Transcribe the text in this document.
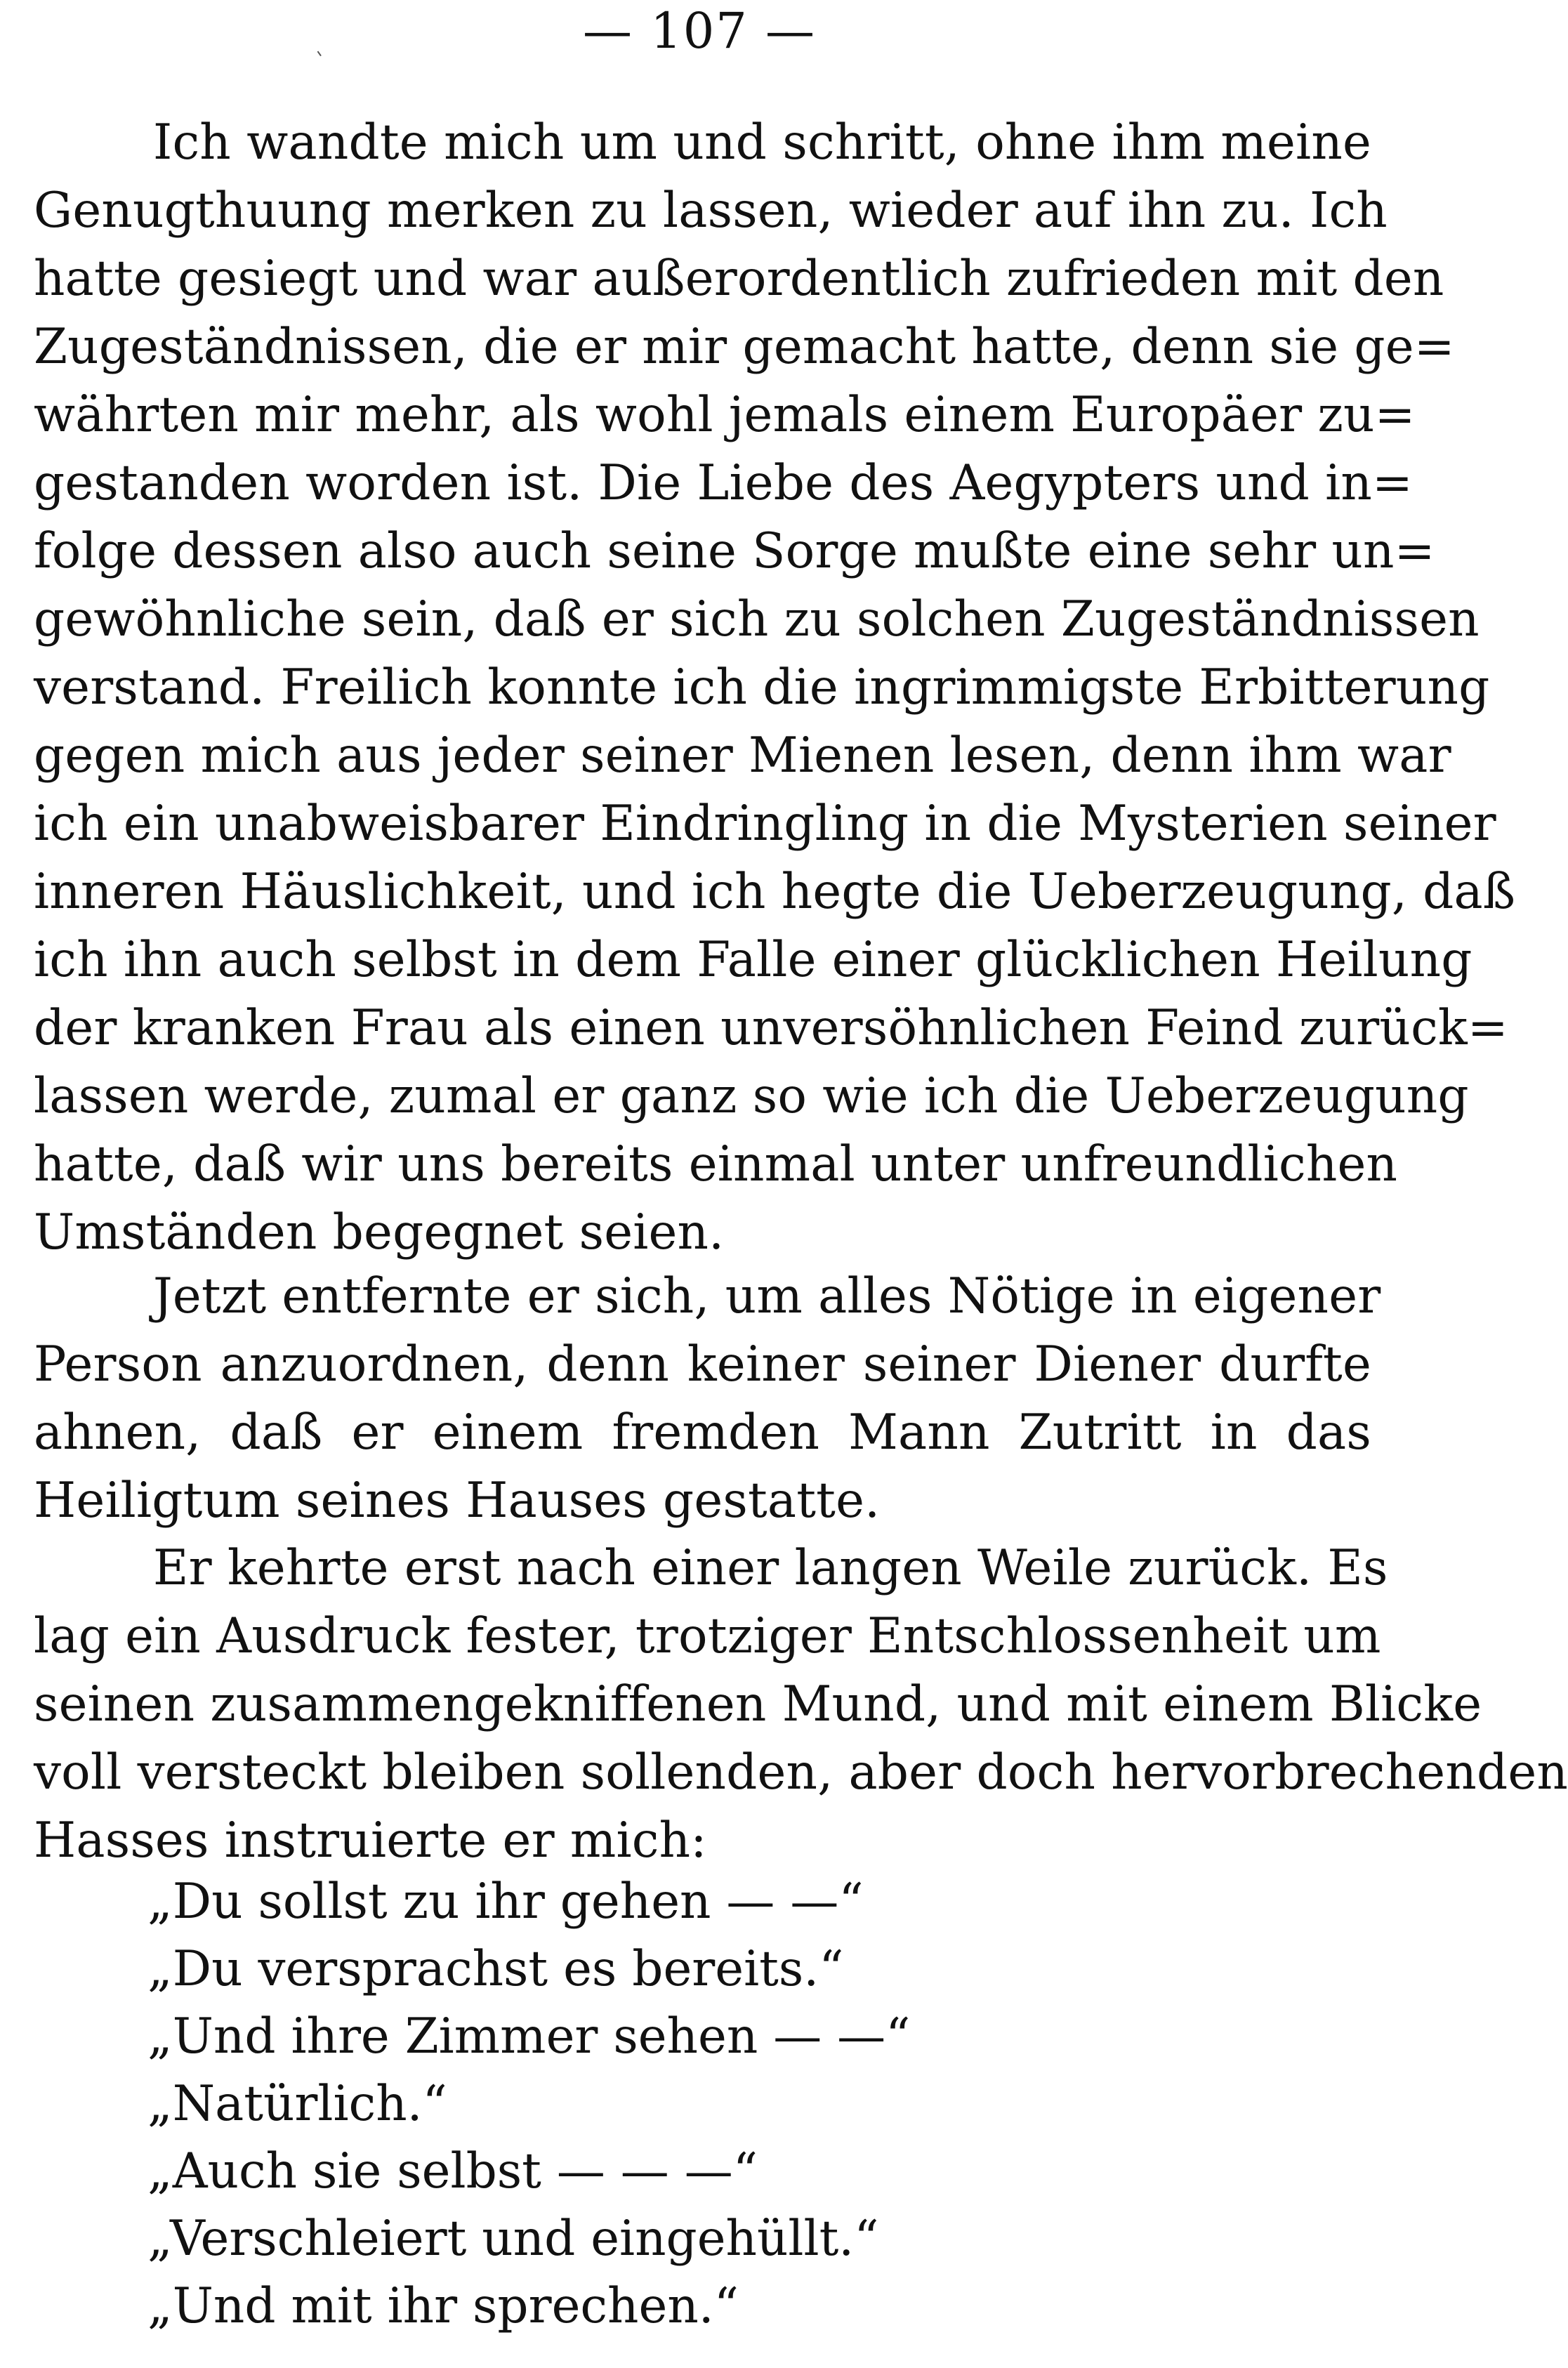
— 107 —
Ich wandte mich um und schritt, ohne ihm meine
Genugthuung merken zu lassen, wieder auf ihn zu. Ich
hatte gesiegt und war außerordentlich zufrieden mit den
Zugeständnissen, die er mir gemacht hatte, denn sie ge=
währten mir mehr, als wohl jemals einem Europäer zu=
gestanden worden ist. Die Liebe des Aegypters und in=
folge dessen also auch seine Sorge mußte eine sehr un=
gewöhnliche sein, daß er sich zu solchen Zugeständnissen
verstand. Freilich konnte ich die ingrimmigste Erbitterung
gegen mich aus jeder seiner Mienen lesen, denn ihm war
ich ein unabweisbarer Eindringling in die Mysterien seiner
inneren Häuslichkeit, und ich hegte die Ueberzeugung, daß
ich ihn auch selbst in dem Falle einer glücklichen Heilung
der kranken Frau als einen unversöhnlichen Feind zurück=
lassen werde, zumal er ganz so wie ich die Ueberzeugung
hatte, daß wir uns bereits einmal unter unfreundlichen
Umständen begegnet seien.
Jetzt entfernte er sich, um alles Nötige in eigener
Person anzuordnen, denn keiner seiner Diener durfte
ahnen, daß er einem fremden Mann Zutritt in das
Heiligtum seines Hauses gestatte.
Er kehrte erst nach einer langen Weile zurück. Es
lag ein Ausdruck fester, trotziger Entschlossenheit um
seinen zusammengekniffenen Mund, und mit einem Blicke
voll versteckt bleiben sollenden, aber doch hervorbrechenden
Hasses instruierte er mich:
„Du sollst zu ihr gehen — —“
„Du versprachst es bereits.“
„Und ihre Zimmer sehen — —“
„Natürlich.“
„Auch sie selbst — — —“
„Verschleiert und eingehüllt.“
„Und mit ihr sprechen.“
